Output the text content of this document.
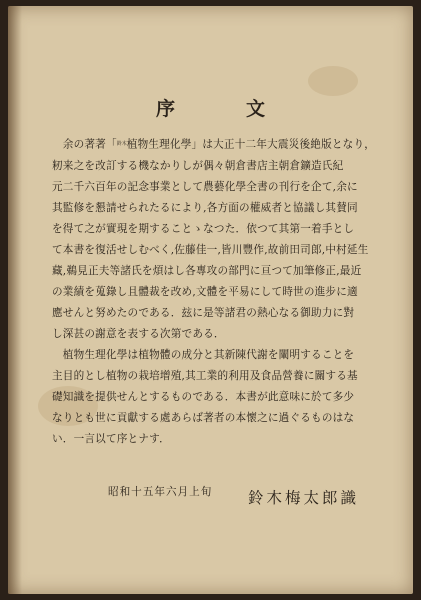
序　文
　余の著著「鈴木植物生理化學」は大正十二年大震災後絶版となり，
籾来之を改訂する機なかりしが偶々朝倉書店主朝倉鑛造氏紀
元二千六百年の記念事業として農藝化學全書の刊行を企て,余に
其監修を懇請せられたるにより,各方面の權威者と協議し其賛同
を得て之が實現を期することゝなつた．依つて其第一着手とし
て本書を復活せしむべく,佐藤佳一,皆川豐作,故前田司郎,中村延生
藏,鵜見正夫等諸氏を煩はし各專攻の部門に亘つて加筆修正,最近
の業績を蒐錄し且體裁を改め,文體を平易にして時世の進步に適
應せんと努めたのである．玆に是等諸君の熱心なる御助力に對
し深甚の謝意を表する次第である．
　植物生理化學は植物體の成分と其新陳代謝を闡明することを
主目的とし植物の栽培增殖,其工業的利用及食品營養に關する基
礎知識を提供せんとするものである．本書が此意味に於て多少
なりとも世に貢獻する處あらば著者の本懷之に過ぐるものはな
い．一言以て序とナす．
昭和十五年六月上旬 鈴木梅太郎識
